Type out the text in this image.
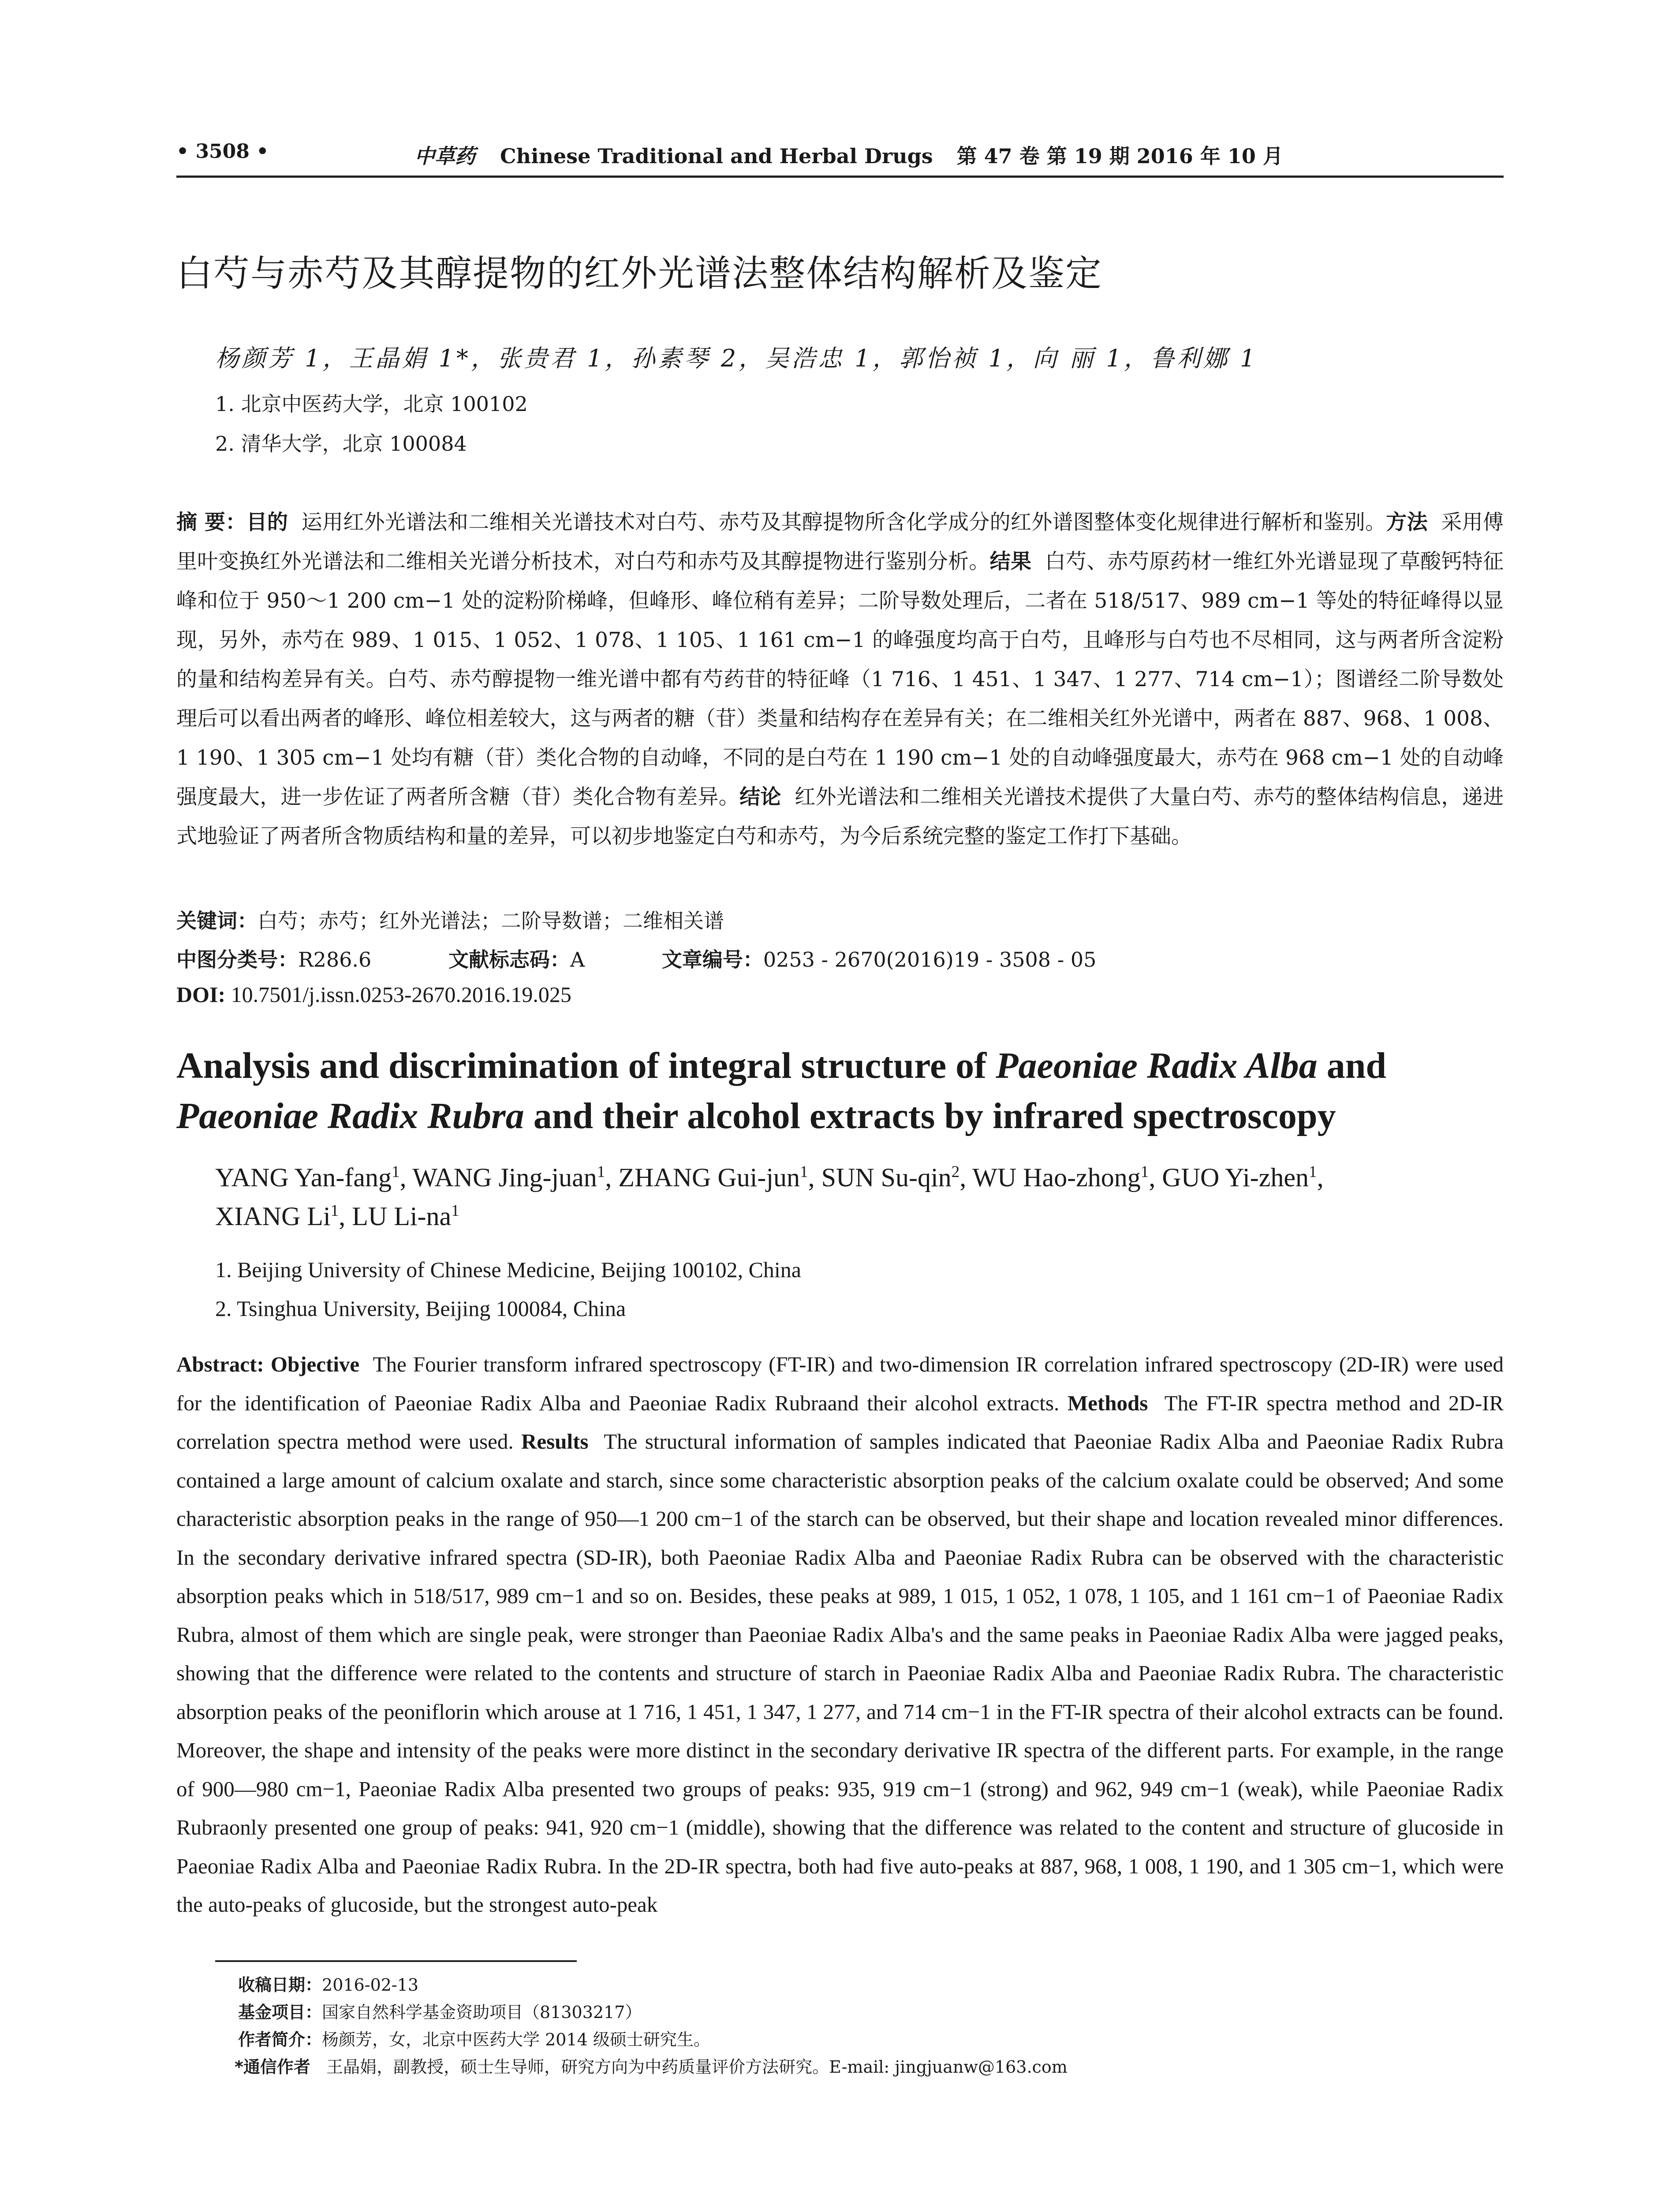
• 3508 •	中草药 Chinese Traditional and Herbal Drugs 第 47 卷 第 19 期 2016 年 10 月
白芍与赤芍及其醇提物的红外光谱法整体结构解析及鉴定
杨颜芳 1，王晶娟 1*，张贵君 1，孙素琴 2，吴浩忠 1，郭怡祯 1，向 丽 1，鲁利娜 1
1. 北京中医药大学，北京 100102
2. 清华大学，北京 100084
摘 要：目的 运用红外光谱法和二维相关光谱技术对白芍、赤芍及其醇提物所含化学成分的红外谱图整体变化规律进行解析和鉴别。方法 采用傅里叶变换红外光谱法和二维相关光谱分析技术，对白芍和赤芍及其醇提物进行鉴别分析。结果 白芍、赤芍原药材一维红外光谱显现了草酸钙特征峰和位于 950～1 200 cm−1 处的淀粉阶梯峰，但峰形、峰位稍有差异；二阶导数处理后，二者在 518/517、989 cm−1 等处的特征峰得以显现，另外，赤芍在 989、1 015、1 052、1 078、1 105、1 161 cm−1 的峰强度均高于白芍，且峰形与白芍也不尽相同，这与两者所含淀粉的量和结构差异有关。白芍、赤芍醇提物一维光谱中都有芍药苷的特征峰（1 716、1 451、1 347、1 277、714 cm−1）；图谱经二阶导数处理后可以看出两者的峰形、峰位相差较大，这与两者的糖（苷）类量和结构存在差异有关；在二维相关红外光谱中，两者在 887、968、1 008、1 190、1 305 cm−1 处均有糖（苷）类化合物的自动峰，不同的是白芍在 1 190 cm−1 处的自动峰强度最大，赤芍在 968 cm−1 处的自动峰强度最大，进一步佐证了两者所含糖（苷）类化合物有差异。结论 红外光谱法和二维相关光谱技术提供了大量白芍、赤芍的整体结构信息，递进式地验证了两者所含物质结构和量的差异，可以初步地鉴定白芍和赤芍，为今后系统完整的鉴定工作打下基础。
关键词：白芍；赤芍；红外光谱法；二阶导数谱；二维相关谱
中图分类号：R286.6	文献标志码：A	文章编号：0253 - 2670(2016)19 - 3508 - 05
DOI: 10.7501/j.issn.0253-2670.2016.19.025
Analysis and discrimination of integral structure of Paeoniae Radix Alba and
Paeoniae Radix Rubra and their alcohol extracts by infrared spectroscopy
YANG Yan-fang$^1$, WANG Jing-juan$^1$, ZHANG Gui-jun$^1$, SUN Su-qin$^2$, WU Hao-zhong$^1$, GUO Yi-zhen$^1$,
XIANG Li$^1$, LU $Li-na^1$
1. Beijing University of Chinese Medicine, Beijing 100102, China
2. Tsinghua University, Beijing 100084, China
Abstract: Objective The Fourier transform infrared spectroscopy (FT-IR) and two-dimension IR correlation infrared spectroscopy (2D-IR) were used for the identification of Paeoniae Radix Alba and Paeoniae Radix Rubraand their alcohol extracts. Methods The FT-IR spectra method and 2D-IR correlation spectra method were used. Results The structural information of samples indicated that Paeoniae Radix Alba and Paeoniae Radix Rubra contained a large amount of calcium oxalate and starch, since some characteristic absorption peaks of the calcium oxalate could be observed; And some characteristic absorption peaks in the range of 950—1 200 cm−1 of the starch can be observed, but their shape and location revealed minor differences. In the secondary derivative infrared spectra (SD-IR), both Paeoniae Radix Alba and Paeoniae Radix Rubra can be observed with the characteristic absorption peaks which in 518/517, 989 cm−1 and so on. Besides, these peaks at 989, 1 015, 1 052, 1 078, 1 105, and 1 161 cm−1 of Paeoniae Radix Rubra, almost of them which are single peak, were stronger than Paeoniae Radix Alba's and the same peaks in Paeoniae Radix Alba were jagged peaks, showing that the difference were related to the contents and structure of starch in Paeoniae Radix Alba and Paeoniae Radix Rubra. The characteristic absorption peaks of the peoniflorin which arouse at 1 716, 1 451, 1 347, 1 277, and 714 cm−1 in the FT-IR spectra of their alcohol extracts can be found. Moreover, the shape and intensity of the peaks were more distinct in the secondary derivative IR spectra of the different parts. For example, in the range of 900—980 cm−1, Paeoniae Radix Alba presented two groups of peaks: 935, 919 cm−1 (strong) and 962, 949 cm−1 (weak), while Paeoniae Radix Rubraonly presented one group of peaks: 941, 920 cm−1 (middle), showing that the difference was related to the content and structure of glucoside in Paeoniae Radix Alba and Paeoniae Radix Rubra. In the 2D-IR spectra, both had five auto-peaks at 887, 968, 1 008, 1 190, and 1 305 cm−1, which were the auto-peaks of glucoside, but the strongest auto-peak
收稿日期：2016-02-13
基金项目：国家自然科学基金资助项目（81303217）
作者简介：杨颜芳，女，北京中医药大学 2014 级硕士研究生。
*通信作者 王晶娟，副教授，硕士生导师，研究方向为中药质量评价方法研究。E-mail: jingjuanw@163.com
